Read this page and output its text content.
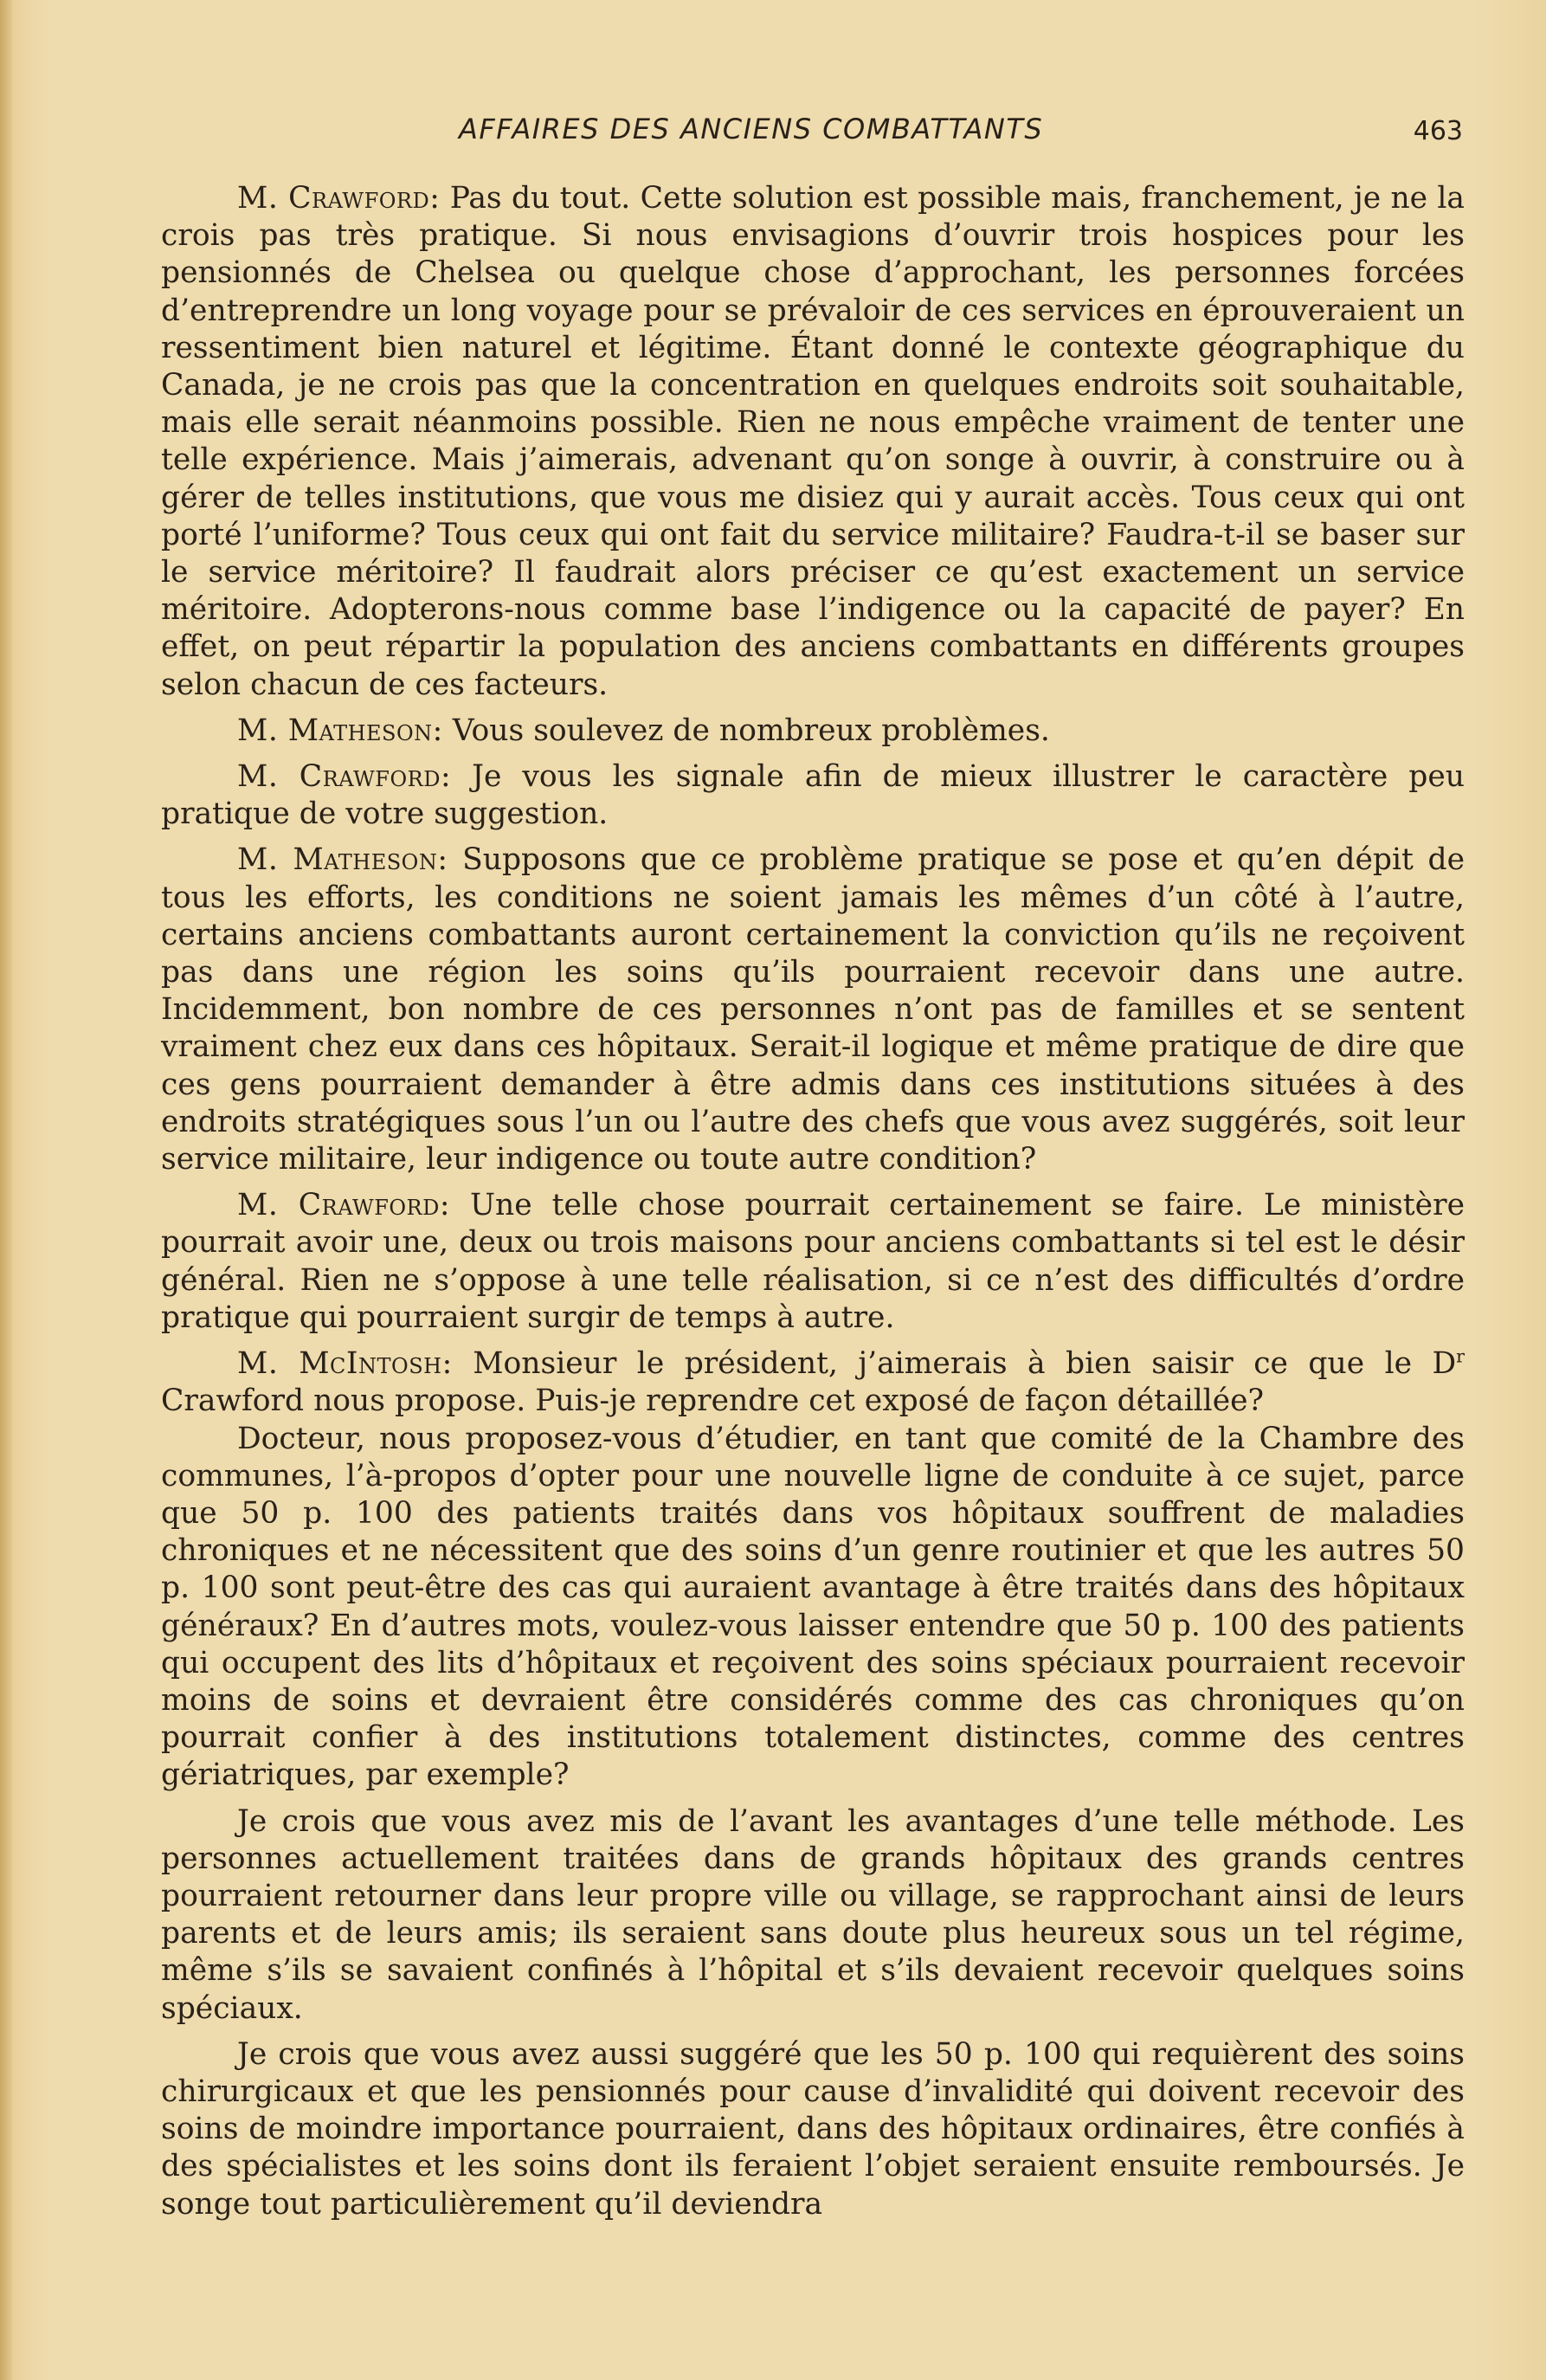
AFFAIRES DES ANCIENS COMBATTANTS	463

M. Crawford: Pas du tout. Cette solution est possible mais, franchement, je ne la crois pas très pratique. Si nous envisagions d’ouvrir trois hospices pour les pensionnés de Chelsea ou quelque chose d’approchant, les personnes forcées d’entreprendre un long voyage pour se prévaloir de ces services en éprouveraient un ressentiment bien naturel et légitime. Étant donné le contexte géographique du Canada, je ne crois pas que la concentration en quelques endroits soit souhaitable, mais elle serait néanmoins possible. Rien ne nous empêche vraiment de tenter une telle expérience. Mais j’aimerais, advenant qu’on songe à ouvrir, à construire ou à gérer de telles institutions, que vous me disiez qui y aurait accès. Tous ceux qui ont porté l’uniforme? Tous ceux qui ont fait du service militaire? Faudra-t-il se baser sur le service méritoire? Il faudrait alors préciser ce qu’est exactement un service méritoire. Adopterons-nous comme base l’indigence ou la capacité de payer? En effet, on peut répartir la population des anciens combattants en différents groupes selon chacun de ces facteurs.

M. Matheson: Vous soulevez de nombreux problèmes.

M. Crawford: Je vous les signale afin de mieux illustrer le caractère peu pratique de votre suggestion.

M. Matheson: Supposons que ce problème pratique se pose et qu’en dépit de tous les efforts, les conditions ne soient jamais les mêmes d’un côté à l’autre, certains anciens combattants auront certainement la conviction qu’ils ne reçoivent pas dans une région les soins qu’ils pourraient recevoir dans une autre. Incidemment, bon nombre de ces personnes n’ont pas de familles et se sentent vraiment chez eux dans ces hôpitaux. Serait-il logique et même pratique de dire que ces gens pourraient demander à être admis dans ces institutions situées à des endroits stratégiques sous l’un ou l’autre des chefs que vous avez suggérés, soit leur service militaire, leur indigence ou toute autre condition?

M. Crawford: Une telle chose pourrait certainement se faire. Le ministère pourrait avoir une, deux ou trois maisons pour anciens combattants si tel est le désir général. Rien ne s’oppose à une telle réalisation, si ce n’est des difficultés d’ordre pratique qui pourraient surgir de temps à autre.

M. McIntosh: Monsieur le président, j’aimerais à bien saisir ce que le $D^r$ Crawford nous propose. Puis-je reprendre cet exposé de façon détaillée?

Docteur, nous proposez-vous d’étudier, en tant que comité de la Chambre des communes, l’à-propos d’opter pour une nouvelle ligne de conduite à ce sujet, parce que 50 p. 100 des patients traités dans vos hôpitaux souffrent de maladies chroniques et ne nécessitent que des soins d’un genre routinier et que les autres 50 p. 100 sont peut-être des cas qui auraient avantage à être traités dans des hôpitaux généraux? En d’autres mots, voulez-vous laisser entendre que 50 p. 100 des patients qui occupent des lits d’hôpitaux et reçoivent des soins spéciaux pourraient recevoir moins de soins et devraient être considérés comme des cas chroniques qu’on pourrait confier à des institutions totalement distinctes, comme des centres gériatriques, par exemple?

Je crois que vous avez mis de l’avant les avantages d’une telle méthode. Les personnes actuellement traitées dans de grands hôpitaux des grands centres pourraient retourner dans leur propre ville ou village, se rapprochant ainsi de leurs parents et de leurs amis; ils seraient sans doute plus heureux sous un tel régime, même s’ils se savaient confinés à l’hôpital et s’ils devaient recevoir quelques soins spéciaux.

Je crois que vous avez aussi suggéré que les 50 p. 100 qui requièrent des soins chirurgicaux et que les pensionnés pour cause d’invalidité qui doivent recevoir des soins de moindre importance pourraient, dans des hôpitaux ordinaires, être confiés à des spécialistes et les soins dont ils feraient l’objet seraient ensuite remboursés. Je songe tout particulièrement qu’il deviendra
